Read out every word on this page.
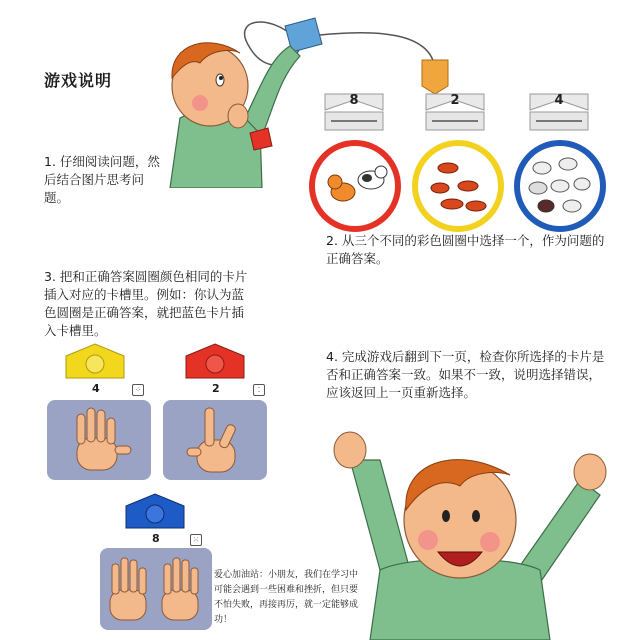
游戏说明
8	2	4
1. 仔细阅读问题，然后结合图片思考问题。
2. 从三个不同的彩色圆圈中选择一个，作为问题的正确答案。
3. 把和正确答案圆圈颜色相同的卡片插入对应的卡槽里。例如：你认为蓝色圆圈是正确答案，就把蓝色卡片插入卡槽里。
4. 完成游戏后翻到下一页，检查你所选择的卡片是否和正确答案一致。如果不一致，说明选择错误，应该返回上一页重新选择。
4	⁘	2	⁚
8	⁙
爱心加油站：小朋友，我们在学习中可能会遇到一些困难和挫折，但只要不怕失败，再接再厉，就一定能够成功！
